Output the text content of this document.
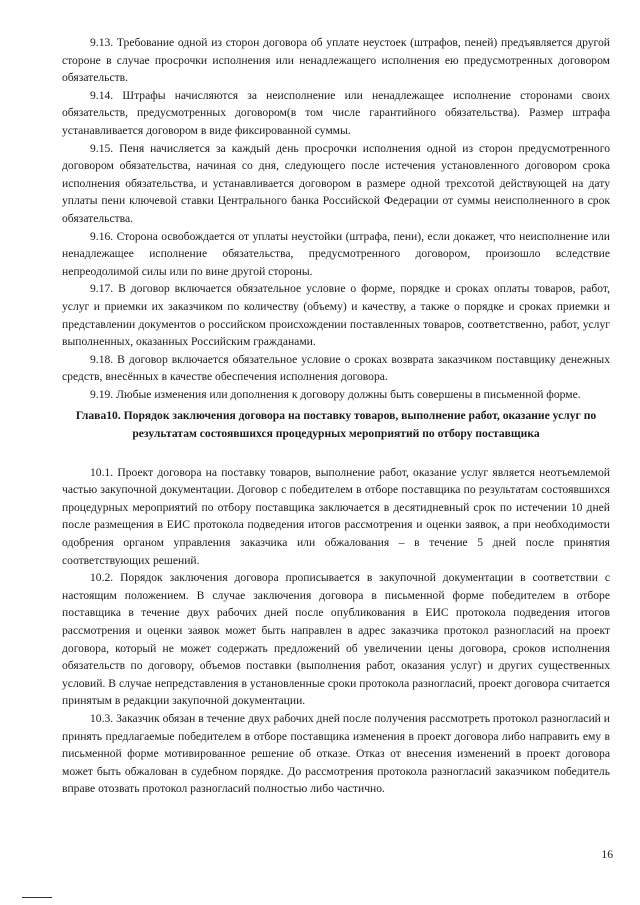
9.13. Требование одной из сторон договора об уплате неустоек (штрафов, пеней) предъявляется другой стороне в случае просрочки исполнения или ненадлежащего исполнения ею предусмотренных договором обязательств.

9.14. Штрафы начисляются за неисполнение или ненадлежащее исполнение сторонами своих обязательств, предусмотренных договором(в том числе гарантийного обязательства). Размер штрафа устанавливается договором в виде фиксированной суммы.

9.15. Пеня начисляется за каждый день просрочки исполнения одной из сторон предусмотренного договором обязательства, начиная со дня, следующего после истечения установленного договором срока исполнения обязательства, и устанавливается договором в размере одной трехсотой действующей на дату уплаты пени ключевой ставки Центрального банка Российской Федерации от суммы неисполненного в срок обязательства.

9.16. Сторона освобождается от уплаты неустойки (штрафа, пени), если докажет, что неисполнение или ненадлежащее исполнение обязательства, предусмотренного договором, произошло вследствие непреодолимой силы или по вине другой стороны.

9.17. В договор включается обязательное условие о форме, порядке и сроках оплаты товаров, работ, услуг и приемки их заказчиком по количеству (объему) и качеству, а также о порядке и сроках приемки и представлении документов о российском происхождении поставленных товаров, соответственно, работ, услуг выполненных, оказанных Российским гражданами.

9.18. В договор включается обязательное условие о сроках возврата заказчиком поставщику денежных средств, внесённых в качестве обеспечения исполнения договора.

9.19. Любые изменения или дополнения к договору должны быть совершены в письменной форме.

Глава10. Порядок заключения договора на поставку товаров, выполнение работ, оказание услуг по результатам состоявшихся процедурных мероприятий по отбору поставщика

10.1. Проект договора на поставку товаров, выполнение работ, оказание услуг является неотъемлемой частью закупочной документации. Договор с победителем в отборе поставщика по результатам состоявшихся процедурных мероприятий по отбору поставщика заключается в десятидневный срок по истечении 10 дней после размещения в ЕИС протокола подведения итогов рассмотрения и оценки заявок, а при необходимости одобрения органом управления заказчика или обжалования – в течение 5 дней после принятия соответствующих решений.

10.2. Порядок заключения договора прописывается в закупочной документации в соответствии с настоящим положением. В случае заключения договора в письменной форме победителем в отборе поставщика в течение двух рабочих дней после опубликования в ЕИС протокола подведения итогов рассмотрения и оценки заявок может быть направлен в адрес заказчика протокол разногласий на проект договора, который не может содержать предложений об увеличении цены договора, сроков исполнения обязательств по договору, объемов поставки (выполнения работ, оказания услуг) и других существенных условий. В случае непредставления в установленные сроки протокола разногласий, проект договора считается принятым в редакции закупочной документации.

10.3. Заказчик обязан в течение двух рабочих дней после получения рассмотреть протокол разногласий и принять предлагаемые победителем в отборе поставщика изменения в проект договора либо направить ему в письменной форме мотивированное решение об отказе. Отказ от внесения изменений в проект договора может быть обжалован в судебном порядке. До рассмотрения протокола разногласий заказчиком победитель вправе отозвать протокол разногласий полностью либо частично.

16
